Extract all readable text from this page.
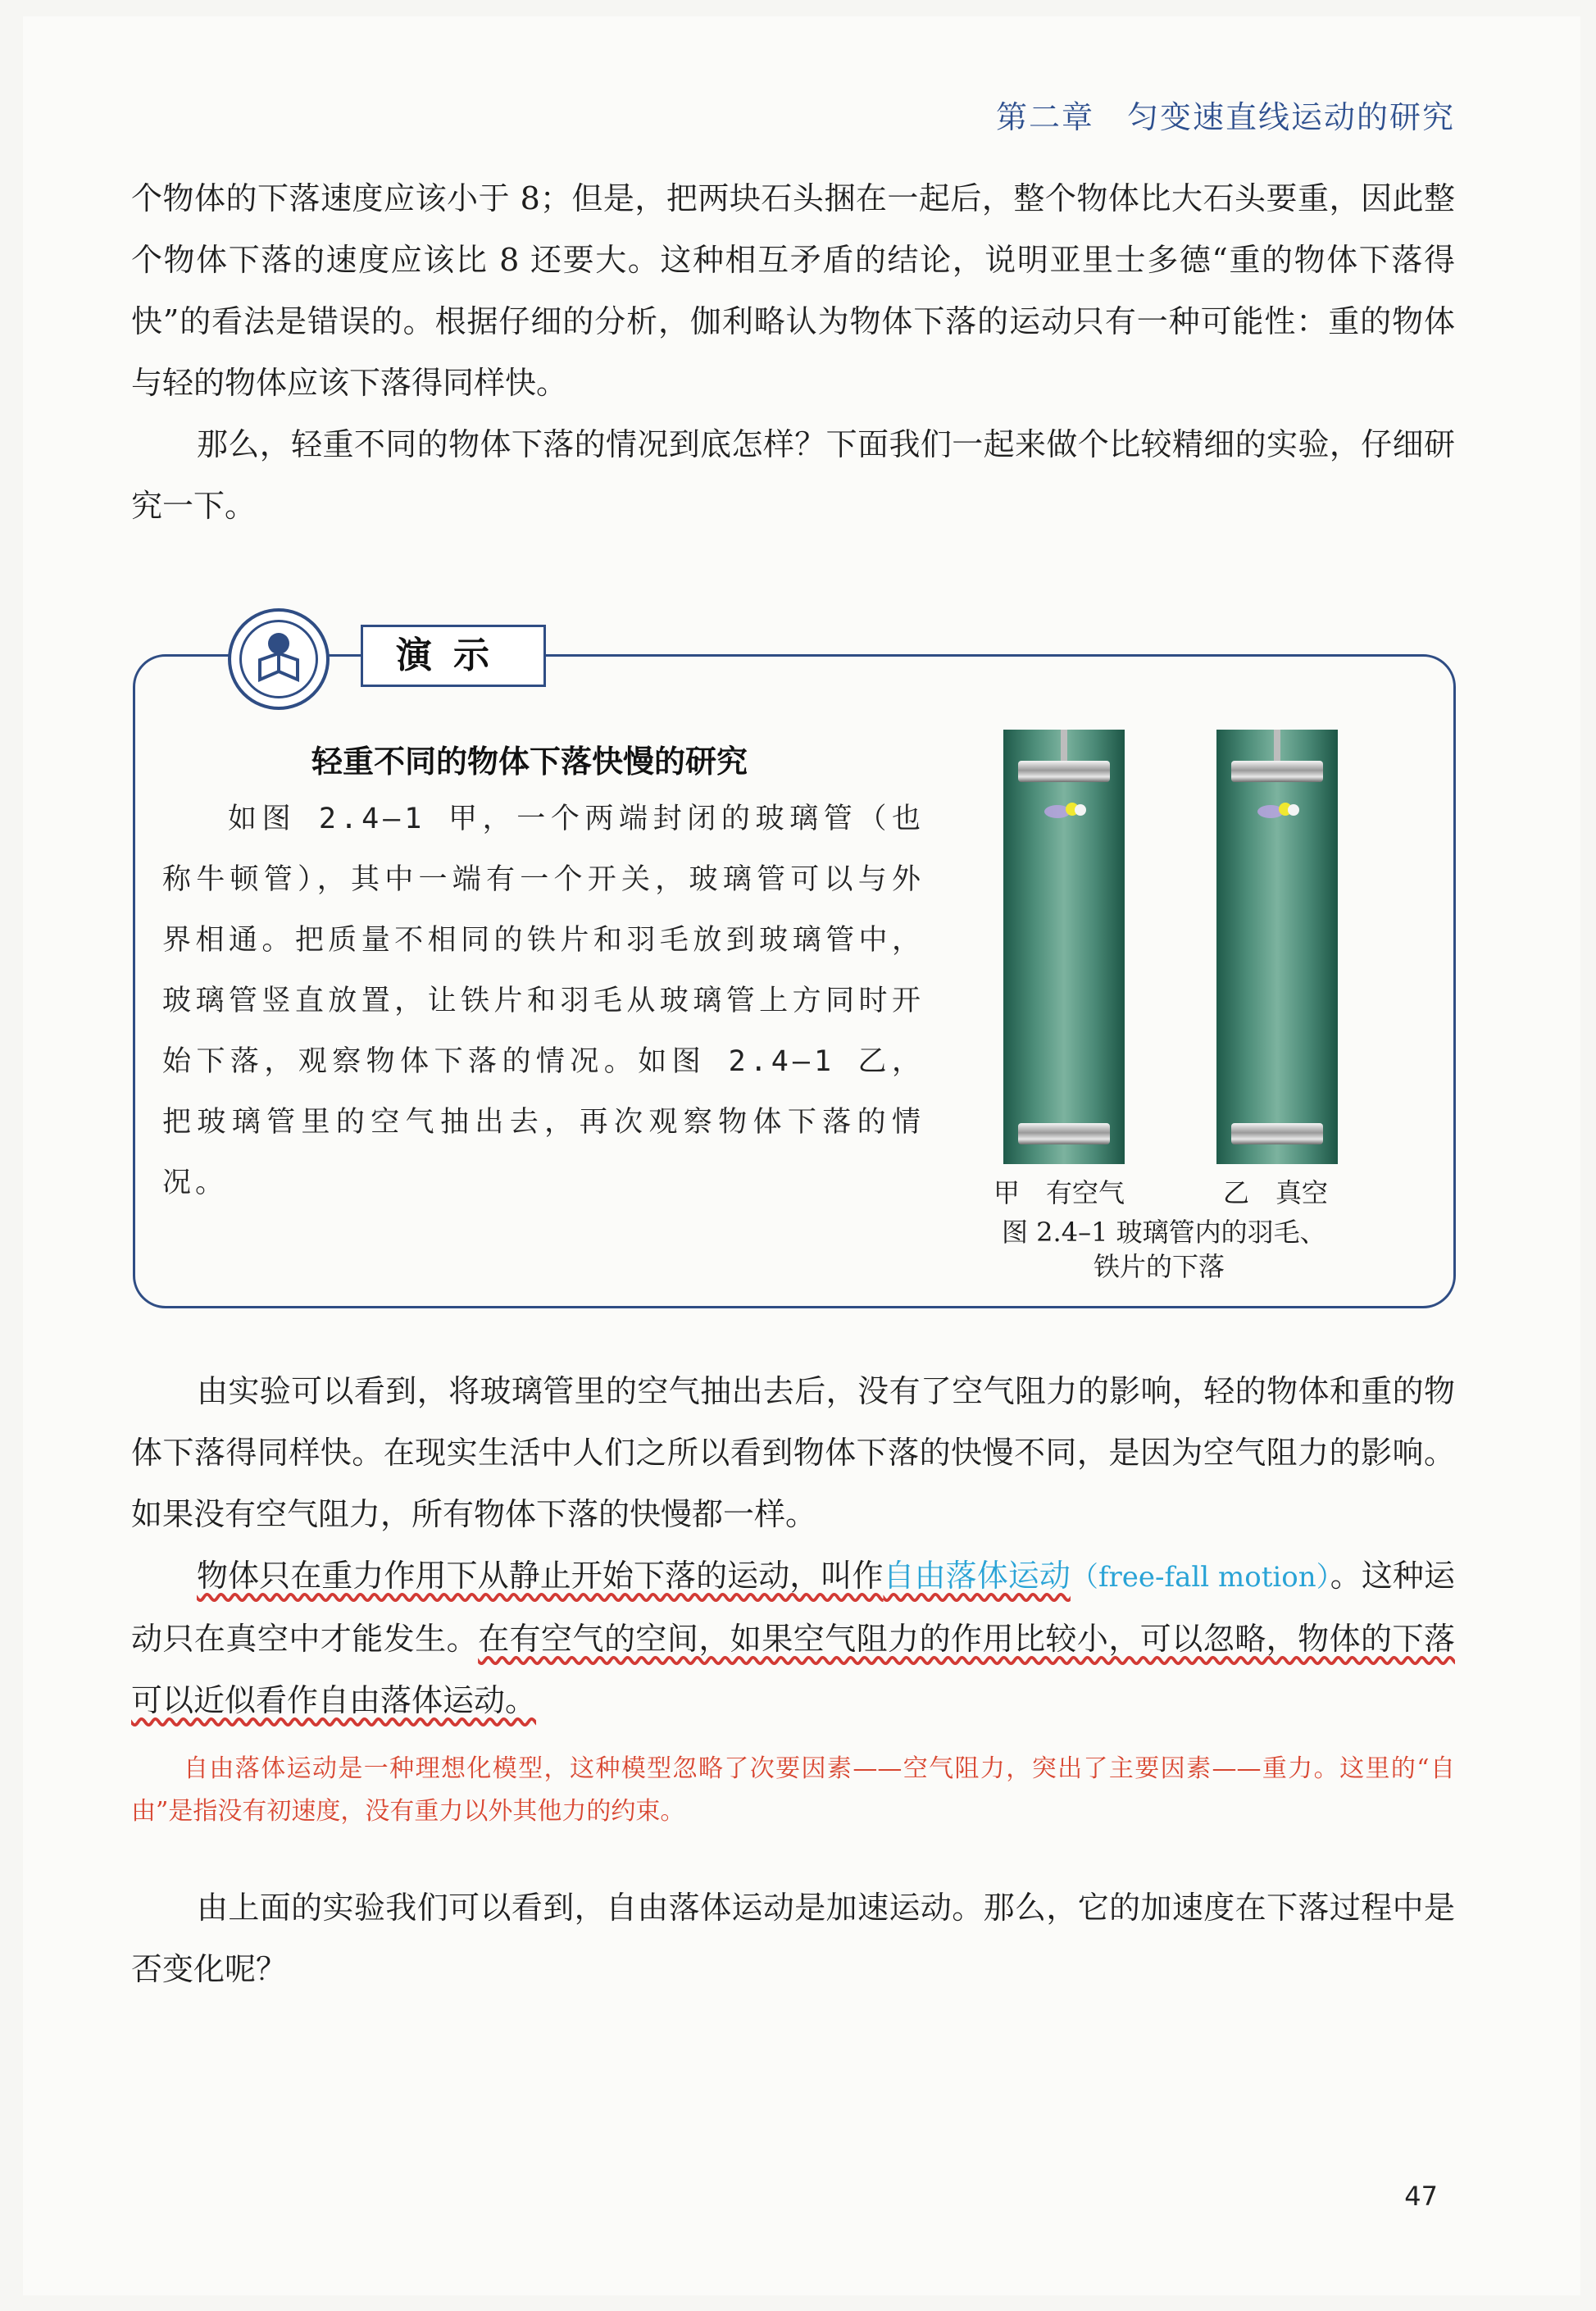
第二章　匀变速直线运动的研究

个物体的下落速度应该小于 8；但是，把两块石头捆在一起后，整个物体比大石头要重，因此整个物体下落的速度应该比 8 还要大。这种相互矛盾的结论，说明亚里士多德“重的物体下落得快”的看法是错误的。根据仔细的分析，伽利略认为物体下落的运动只有一种可能性：重的物体与轻的物体应该下落得同样快。

那么，轻重不同的物体下落的情况到底怎样？下面我们一起来做个比较精细的实验，仔细研究一下。

演示
轻重不同的物体下落快慢的研究

如图 2.4–1 甲，一个两端封闭的玻璃管（也称牛顿管），其中一端有一个开关，玻璃管可以与外界相通。把质量不相同的铁片和羽毛放到玻璃管中，玻璃管竖直放置，让铁片和羽毛从玻璃管上方同时开始下落，观察物体下落的情况。如图 2.4–1 乙，把玻璃管里的空气抽出去，再次观察物体下落的情况。	甲　有空气	乙　真空
图 2.4–1 玻璃管内的羽毛、
铁片的下落

由实验可以看到，将玻璃管里的空气抽出去后，没有了空气阻力的影响，轻的物体和重的物体下落得同样快。在现实生活中人们之所以看到物体下落的快慢不同，是因为空气阻力的影响。如果没有空气阻力，所有物体下落的快慢都一样。

物体只在重力作用下从静止开始下落的运动，叫作自由落体运动（free-fall motion）。这种运动只在真空中才能发生。在有空气的空间，如果空气阻力的作用比较小，可以忽略，物体的下落可以近似看作自由落体运动。

自由落体运动是一种理想化模型，这种模型忽略了次要因素——空气阻力，突出了主要因素——重力。这里的“自由”是指没有初速度，没有重力以外其他力的约束。

由上面的实验我们可以看到，自由落体运动是加速运动。那么，它的加速度在下落过程中是否变化呢？

47
